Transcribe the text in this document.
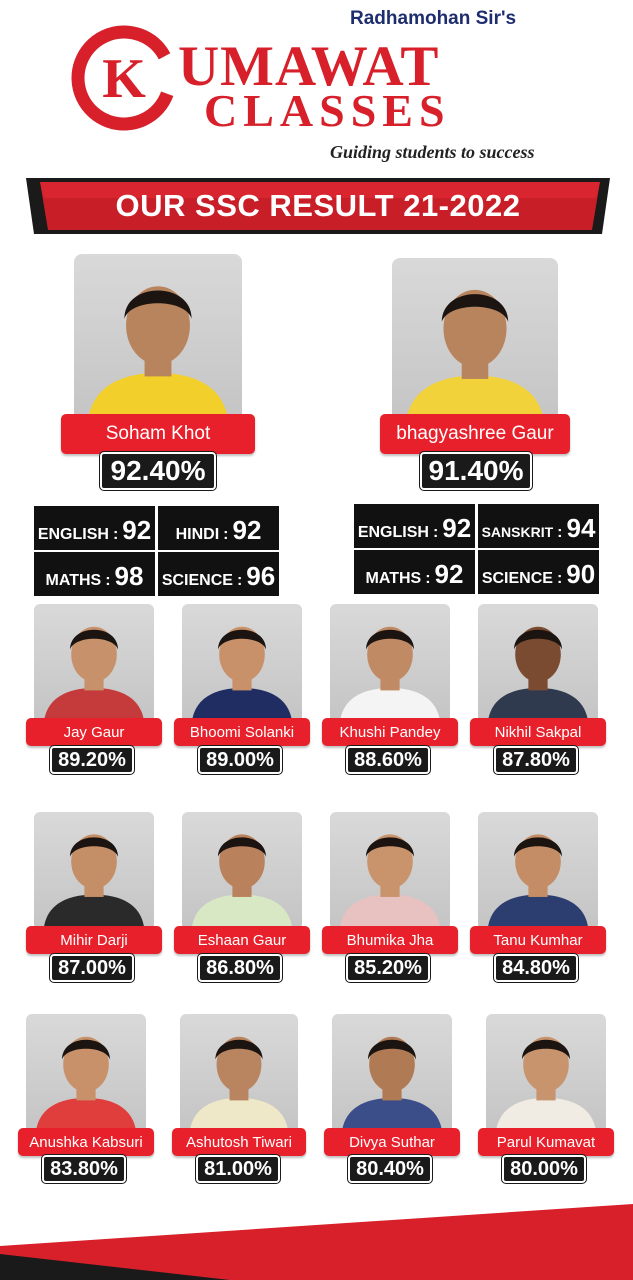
Radhamohan Sir's
K UMAWAT
CLASSES
Guiding students to success
OUR SSC RESULT 21-2022
Soham Khot
92.40%
ENGLISH : 92 HINDI : 92
MATHS : 98 SCIENCE : 96
bhagyashree Gaur
91.40%
ENGLISH : 92 SANSKRIT : 94
MATHS : 92 SCIENCE : 90
Jay Gaur
89.20%
Bhoomi Solanki
89.00%
Khushi Pandey
88.60%
Nikhil Sakpal
87.80%
Mihir Darji
87.00%
Eshaan Gaur
86.80%
Bhumika Jha
85.20%
Tanu Kumhar
84.80%
Anushka Kabsuri
83.80%
Ashutosh Tiwari
81.00%
Divya Suthar
80.40%
Parul Kumavat
80.00%
